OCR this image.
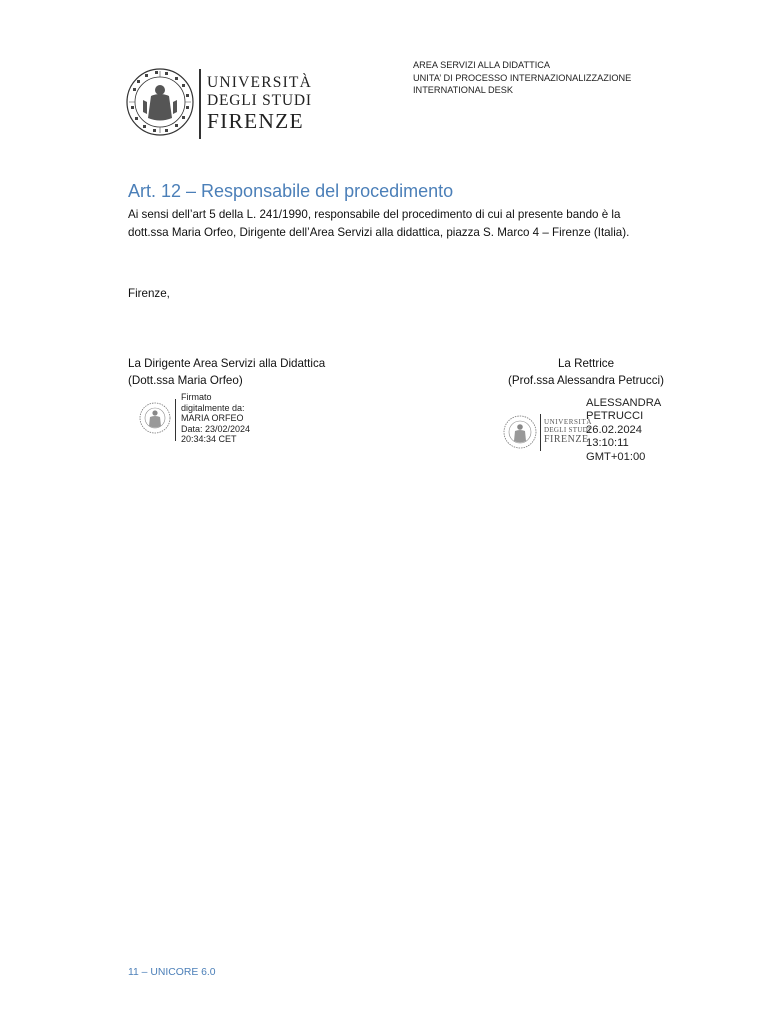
UNIVERSITÀ
DEGLI STUDI
FIRENZE
AREA SERVIZI ALLA DIDATTICA
UNITA’ DI PROCESSO INTERNAZIONALIZZAZIONE
INTERNATIONAL DESK
Art. 12 – Responsabile del procedimento
Ai sensi dell’art 5 della L. 241/1990, responsabile del procedimento di cui al presente bando è la
dott.ssa Maria Orfeo, Dirigente dell’Area Servizi alla didattica, piazza S. Marco 4 – Firenze (Italia).
Firenze,
La Dirigente Area Servizi alla Didattica
(Dott.ssa Maria Orfeo)
La Rettrice
(Prof.ssa Alessandra Petrucci)
Firmato
digitalmente da:
MARIA ORFEO
Data: 23/02/2024
20:34:34 CET
UNIVERSITÀ
DEGLI STUDI
FIRENZE
ALESSANDRA
PETRUCCI
26.02.2024
13:10:11
GMT+01:00
11 – UNICORE 6.0
